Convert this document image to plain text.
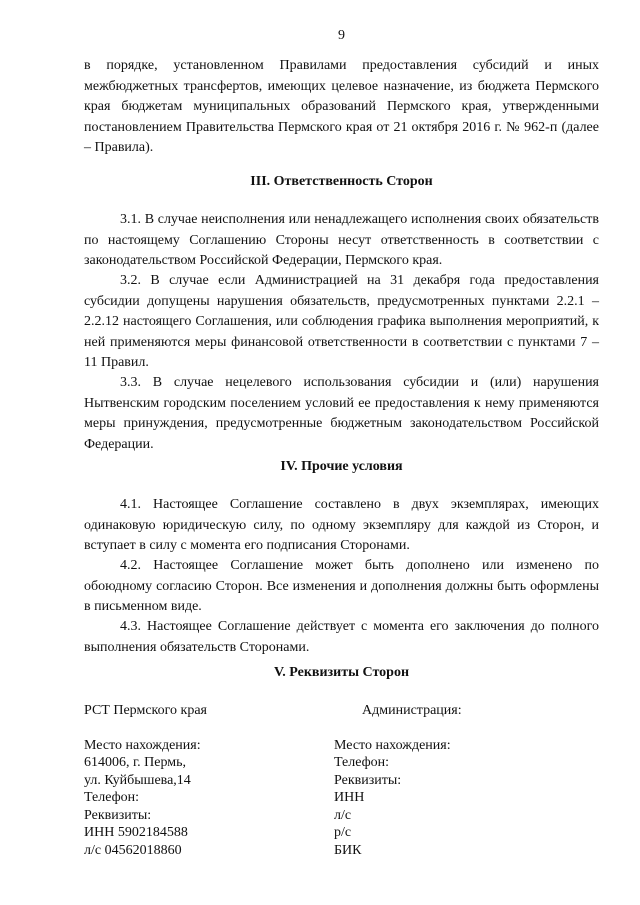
9

в порядке, установленном Правилами предоставления субсидий и иных межбюджетных трансфертов, имеющих целевое назначение, из бюджета Пермского края бюджетам муниципальных образований Пермского края, утвержденными постановлением Правительства Пермского края от 21 октября 2016 г. № 962-п (далее – Правила).

III. Ответственность Сторон

3.1. В случае неисполнения или ненадлежащего исполнения своих обязательств по настоящему Соглашению Стороны несут ответственность в соответствии с законодательством Российской Федерации, Пермского края.

3.2. В случае если Администрацией на 31 декабря года предоставления субсидии допущены нарушения обязательств, предусмотренных пунктами 2.2.1 – 2.2.12 настоящего Соглашения, или соблюдения графика выполнения мероприятий, к ней применяются меры финансовой ответственности в соответствии с пунктами 7 – 11 Правил.

3.3. В случае нецелевого использования субсидии и (или) нарушения Нытвенским городским поселением условий ее предоставления к нему применяются меры принуждения, предусмотренные бюджетным законодательством Российской Федерации.

IV. Прочие условия

4.1. Настоящее Соглашение составлено в двух экземплярах, имеющих одинаковую юридическую силу, по одному экземпляру для каждой из Сторон, и вступает в силу с момента его подписания Сторонами.

4.2. Настоящее Соглашение может быть дополнено или изменено по обоюдному согласию Сторон. Все изменения и дополнения должны быть оформлены в письменном виде.

4.3. Настоящее Соглашение действует с момента его заключения до полного выполнения обязательств Сторонами.

V. Реквизиты Сторон
РСТ Пермского края
Место нахождения:
614006, г. Пермь,
ул. Куйбышева,14
Телефон:
Реквизиты:
ИНН 5902184588
л/с 04562018860
Администрация:
Место нахождения:
Телефон:
Реквизиты:
ИНН
л/с
р/с
БИК
